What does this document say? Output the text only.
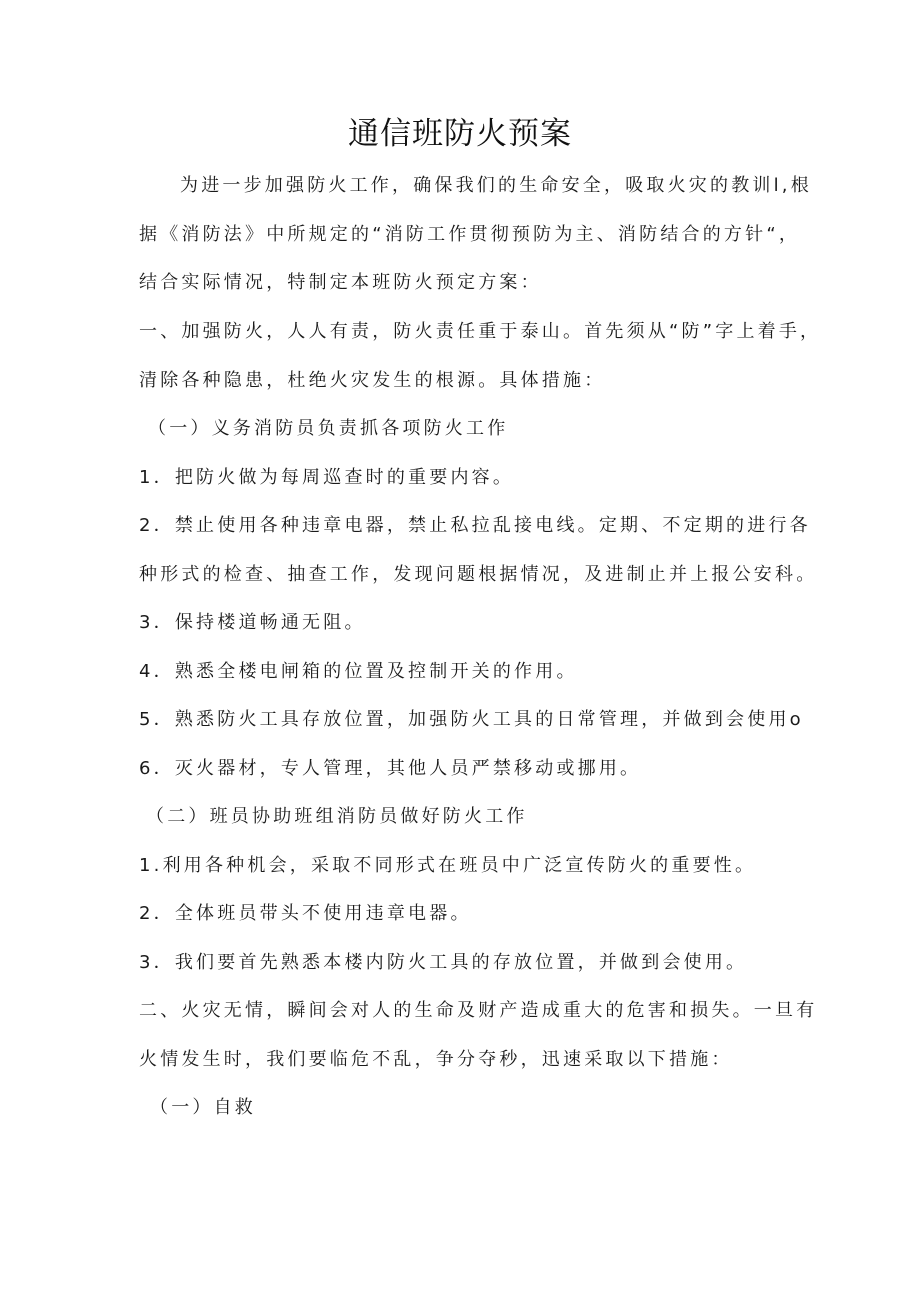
通信班防火预案
为进一步加强防火工作，确保我们的生命安全，吸取火灾的教训l,根
据《消防法》中所规定的“消防工作贯彻预防为主、消防结合的方针“，
结合实际情况，特制定本班防火预定方案：
一、加强防火，人人有责，防火责任重于泰山。首先须从“防”字上着手，
清除各种隐患，杜绝火灾发生的根源。具体措施：
（一）义务消防员负责抓各项防火工作
1．把防火做为每周巡查时的重要内容。
2．禁止使用各种违章电器，禁止私拉乱接电线。定期、不定期的进行各
种形式的检查、抽查工作，发现问题根据情况，及进制止并上报公安科。
3．保持楼道畅通无阻。
4．熟悉全楼电闸箱的位置及控制开关的作用。
5．熟悉防火工具存放位置，加强防火工具的日常管理，并做到会使用o
6．灭火器材，专人管理，其他人员严禁移动或挪用。
（二）班员协助班组消防员做好防火工作
1.利用各种机会，采取不同形式在班员中广泛宣传防火的重要性。
2．全体班员带头不使用违章电器。
3．我们要首先熟悉本楼内防火工具的存放位置，并做到会使用。
二、火灾无情，瞬间会对人的生命及财产造成重大的危害和损失。一旦有
火情发生时，我们要临危不乱，争分夺秒，迅速采取以下措施：
（一）自救
